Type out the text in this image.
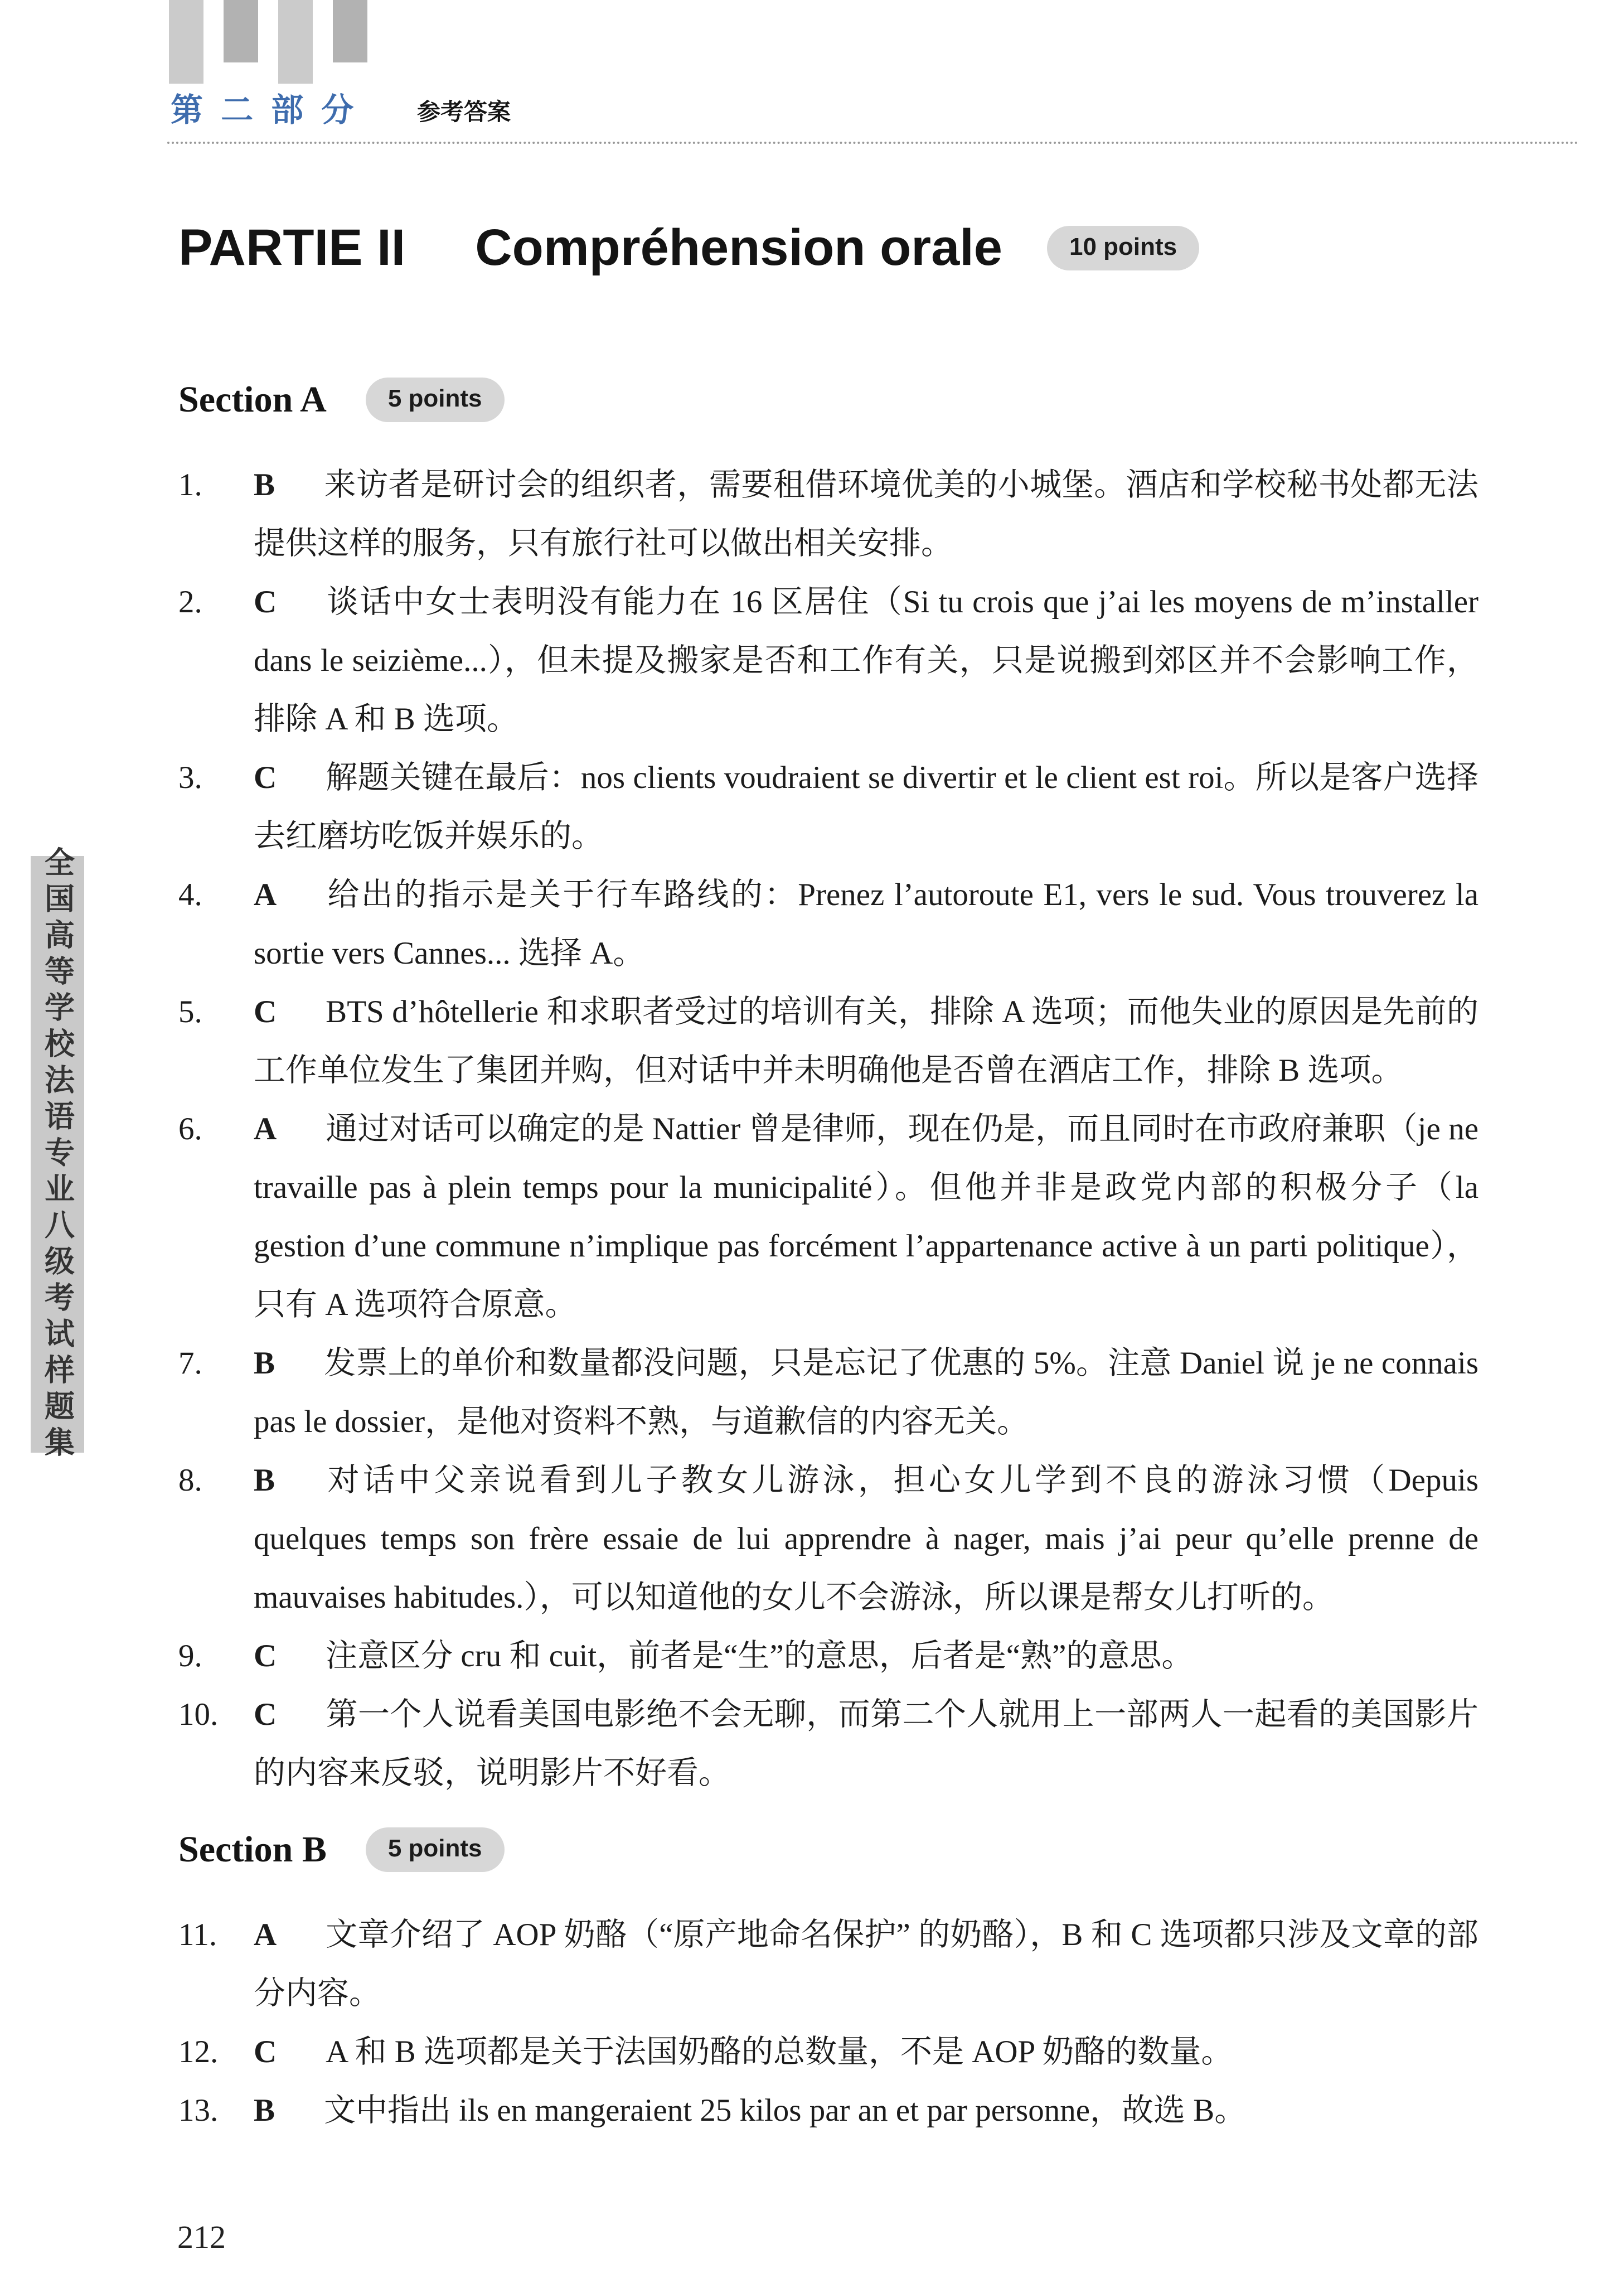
第 二 部 分	参考答案
PARTIE II Compréhension orale	10 points
Section A	5 points
1. B 来访者是研讨会的组织者，需要租借环境优美的小城堡。酒店和学校秘书处都无法提供这样的服务，只有旅行社可以做出相关安排。

2. C 谈话中女士表明没有能力在 16 区居住（Si tu crois que j’ai les moyens de m’installer dans le seizième...），但未提及搬家是否和工作有关，只是说搬到郊区并不会影响工作，排除 A 和 B 选项。

3. C 解题关键在最后：nos clients voudraient se divertir et le client est roi。所以是客户选择去红磨坊吃饭并娱乐的。

4. A 给出的指示是关于行车路线的：Prenez l’autoroute E1, vers le sud. Vous trouverez la sortie vers Cannes... 选择 A。

5. C BTS d’hôtellerie 和求职者受过的培训有关，排除 A 选项；而他失业的原因是先前的工作单位发生了集团并购，但对话中并未明确他是否曾在酒店工作，排除 B 选项。

6. A 通过对话可以确定的是 Nattier 曾是律师，现在仍是，而且同时在市政府兼职（je ne travaille pas à plein temps pour la municipalité）。但他并非是政党内部的积极分子（la gestion d’une commune n’implique pas forcément l’appartenance active à un parti politique），只有 A 选项符合原意。

7. B 发票上的单价和数量都没问题，只是忘记了优惠的 5%。注意 Daniel 说 je ne connais pas le dossier，是他对资料不熟，与道歉信的内容无关。

8. B 对话中父亲说看到儿子教女儿游泳，担心女儿学到不良的游泳习惯（Depuis quelques temps son frère essaie de lui apprendre à nager, mais j’ai peur qu’elle prenne de mauvaises habitudes.），可以知道他的女儿不会游泳，所以课是帮女儿打听的。

9. C 注意区分 cru 和 cuit，前者是“生”的意思，后者是“熟”的意思。

10. C 第一个人说看美国电影绝不会无聊，而第二个人就用上一部两人一起看的美国影片的内容来反驳，说明影片不好看。

Section B	5 points
11. A 文章介绍了 AOP 奶酪（“原产地命名保护” 的奶酪），B 和 C 选项都只涉及文章的部分内容。

12. C A 和 B 选项都是关于法国奶酪的总数量，不是 AOP 奶酪的数量。

13. B 文中指出 ils en mangeraient 25 kilos par an et par personne，故选 B。

全国高等学校法语专业八级考试样题集
212
